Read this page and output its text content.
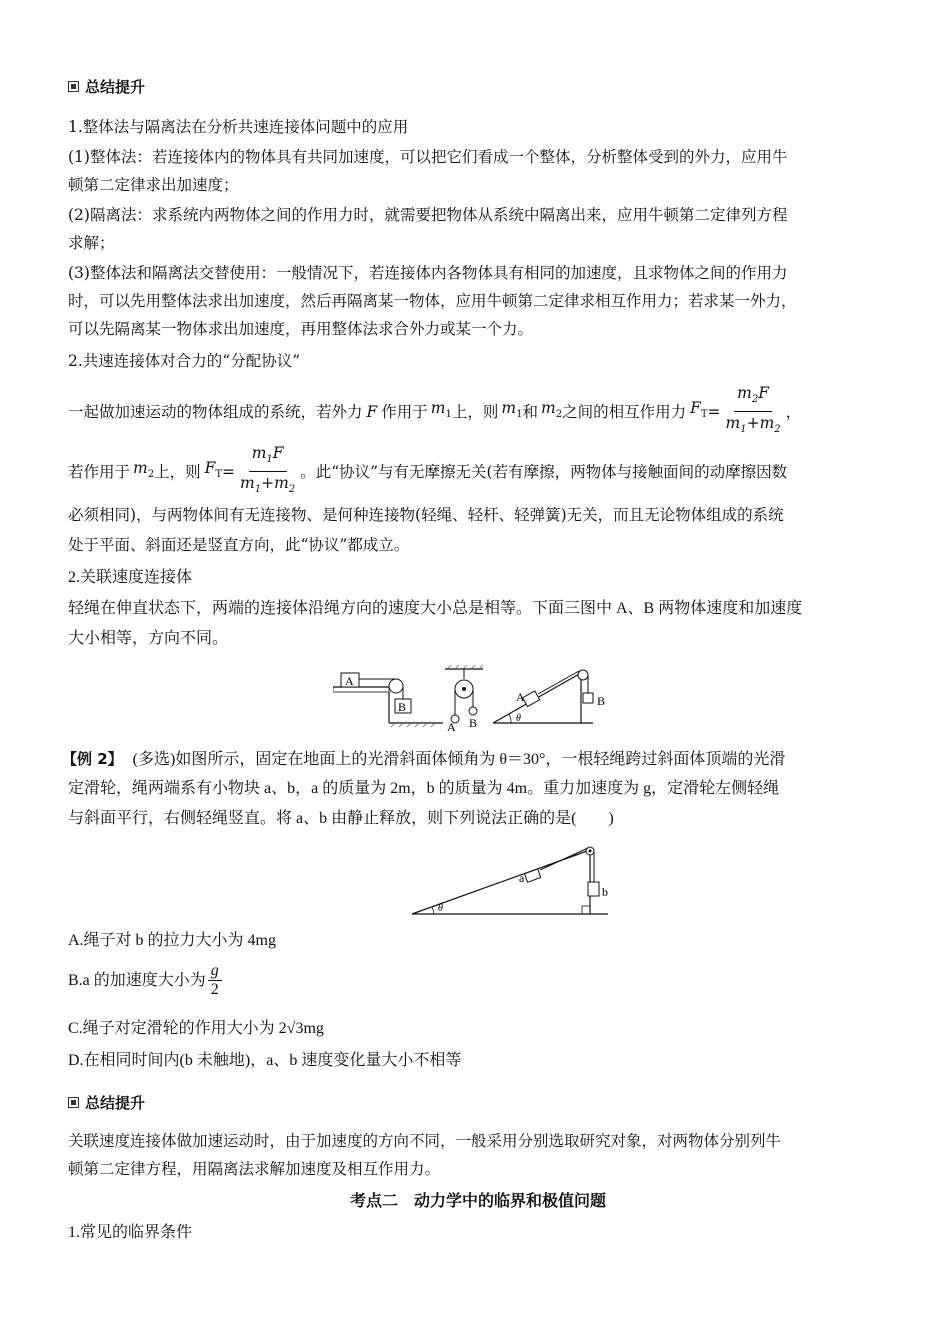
总结提升
1.整体法与隔离法在分析共速连接体问题中的应用
(1)整体法：若连接体内的物体具有共同加速度，可以把它们看成一个整体，分析整体受到的外力，应用牛
顿第二定律求出加速度；
(2)隔离法：求系统内两物体之间的作用力时，就需要把物体从系统中隔离出来，应用牛顿第二定律列方程
求解；
(3)整体法和隔离法交替使用：一般情况下，若连接体内各物体具有相同的加速度，且求物体之间的作用力
时，可以先用整体法求出加速度，然后再隔离某一物体，应用牛顿第二定律求相互作用力；若求某一外力，
可以先隔离某一物体求出加速度，再用整体法求合外力或某一个力。
2.共速连接体对合力的“分配协议”
一起做加速运动的物体组成的系统，若外力 F 作用于 $m_1$ 上，则 $m_1$ 和 $m_2$ 之间的相互作用力 $F_T = \frac{m_2F}{m_1+m_2}$ ，
若作用于 $m_2$ 上，则 $F_T = \frac{m_1F}{m_1+m_2}$ 。此“协议”与有无摩擦无关(若有摩擦，两物体与接触面间的动摩擦因数
必须相同)，与两物体间有无连接物、是何种连接物(轻绳、轻杆、轻弹簧)无关，而且无论物体组成的系统
处于平面、斜面还是竖直方向，此“协议”都成立。
2.关联速度连接体
轻绳在伸直状态下，两端的连接体沿绳方向的速度大小总是相等。下面三图中 A、B 两物体速度和加速度
大小相等，方向不同。
A
B
A B
B
A
θ
【例 2】 (多选)如图所示，固定在地面上的光滑斜面体倾角为 θ＝30°，一根轻绳跨过斜面体顶端的光滑
定滑轮，绳两端系有小物块 a、b，a 的质量为 2m，b 的质量为 4m。重力加速度为 g，定滑轮左侧轻绳
与斜面平行，右侧轻绳竖直。将 a、b 由静止释放，则下列说法正确的是(　　)
b
a
θ
A.绳子对 b 的拉力大小为 4mg
B.a 的加速度大小为 $\frac{g}{2}$
C.绳子对定滑轮的作用大小为 2√3mg
D.在相同时间内(b 未触地)，a、b 速度变化量大小不相等
总结提升
关联速度连接体做加速运动时，由于加速度的方向不同，一般采用分别选取研究对象，对两物体分别列牛
顿第二定律方程，用隔离法求解加速度及相互作用力。
考点二　动力学中的临界和极值问题
1.常见的临界条件
